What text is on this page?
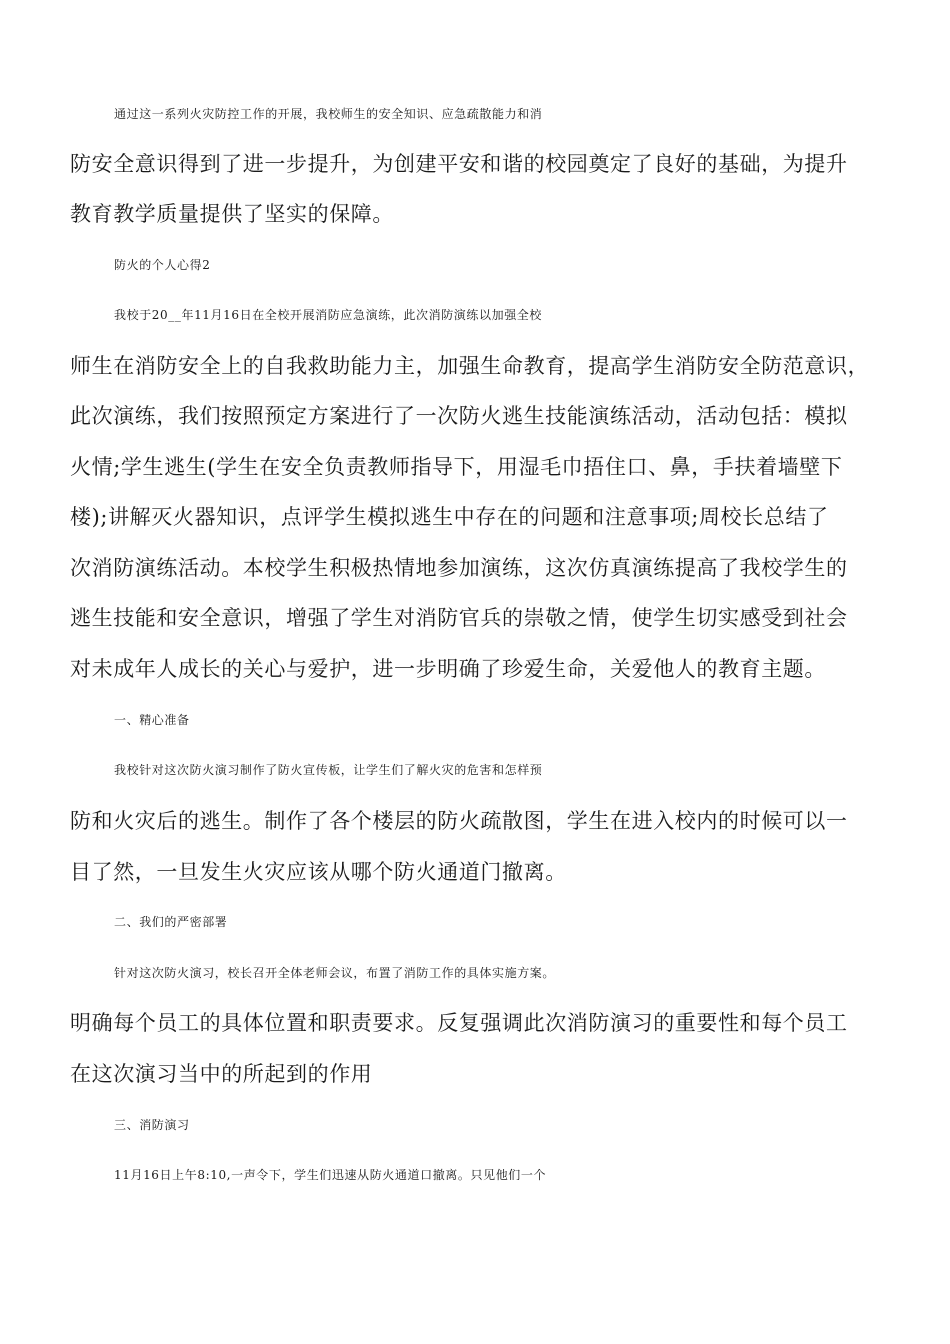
通过这一系列火灾防控工作的开展，我校师生的安全知识、应急疏散能力和消
防安全意识得到了进一步提升，为创建平安和谐的校园奠定了良好的基础，为提升
教育教学质量提供了坚实的保障。
防火的个人心得2
我校于20__年11月16日在全校开展消防应急演练，此次消防演练以加强全校
师生在消防安全上的自我救助能力主，加强生命教育，提高学生消防安全防范意识，
此次演练，我们按照预定方案进行了一次防火逃生技能演练活动，活动包括：模拟
火情;学生逃生(学生在安全负责教师指导下，用湿毛巾捂住口、鼻，手扶着墙壁下
楼);讲解灭火器知识，点评学生模拟逃生中存在的问题和注意事项;周校长总结了
次消防演练活动。本校学生积极热情地参加演练，这次仿真演练提高了我校学生的
逃生技能和安全意识，增强了学生对消防官兵的崇敬之情，使学生切实感受到社会
对未成年人成长的关心与爱护，进一步明确了珍爱生命，关爱他人的教育主题。
一、精心准备
我校针对这次防火演习制作了防火宣传板，让学生们了解火灾的危害和怎样预
防和火灾后的逃生。制作了各个楼层的防火疏散图，学生在进入校内的时候可以一
目了然，一旦发生火灾应该从哪个防火通道门撤离。
二、我们的严密部署
针对这次防火演习，校长召开全体老师会议，布置了消防工作的具体实施方案。
明确每个员工的具体位置和职责要求。反复强调此次消防演习的重要性和每个员工
在这次演习当中的所起到的作用
三、消防演习
11月16日上午8:10,一声令下，学生们迅速从防火通道口撤离。只见他们一个
